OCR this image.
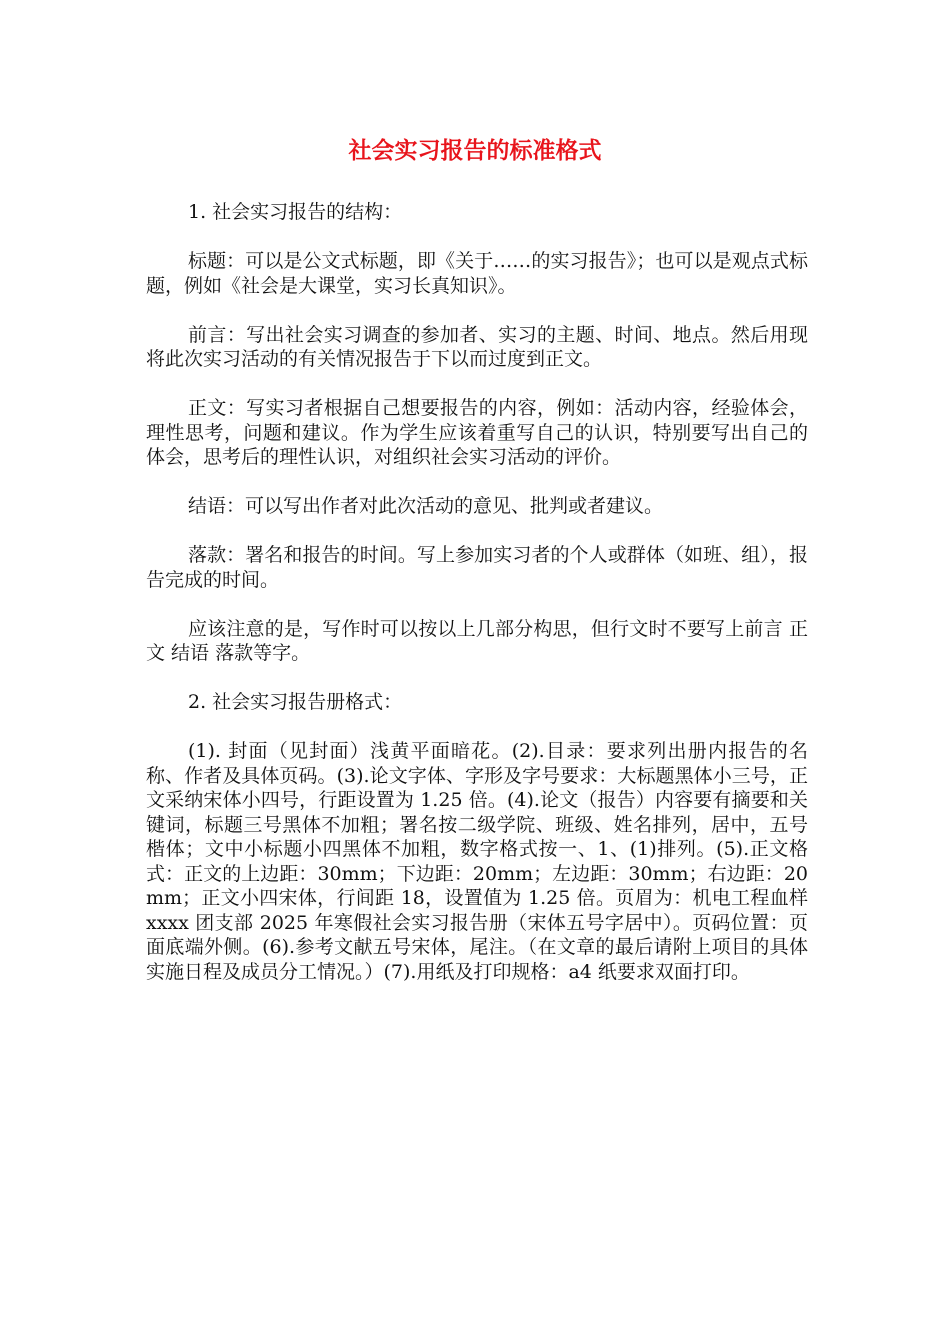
社会实习报告的标准格式

1. 社会实习报告的结构：

标题：可以是公文式标题，即《关于……的实习报告》；也可以是观点式标题，例如《社会是大课堂，实习长真知识》。

前言：写出社会实习调查的参加者、实习的主题、时间、地点。然后用现将此次实习活动的有关情况报告于下以而过度到正文。

正文：写实习者根据自己想要报告的内容，例如：活动内容，经验体会，理性思考，问题和建议。作为学生应该着重写自己的认识，特别要写出自己的体会，思考后的理性认识，对组织社会实习活动的评价。

结语：可以写出作者对此次活动的意见、批判或者建议。

落款：署名和报告的时间。写上参加实习者的个人或群体（如班、组），报告完成的时间。

应该注意的是，写作时可以按以上几部分构思，但行文时不要写上前言 正文 结语 落款等字。

2. 社会实习报告册格式：

(1). 封面（见封面）浅黄平面暗花。(2).目录：要求列出册内报告的名称、作者及具体页码。(3).论文字体、字形及字号要求：大标题黑体小三号，正文采纳宋体小四号，行距设置为 1.25 倍。(4).论文（报告）内容要有摘要和关键词，标题三号黑体不加粗；署名按二级学院、班级、姓名排列，居中，五号楷体；文中小标题小四黑体不加粗，数字格式按一、1、(1)排列。(5).正文格式：正文的上边距：30mm；下边距：20mm；左边距：30mm；右边距：20mm；正文小四宋体，行间距 18，设置值为 1.25 倍。页眉为：机电工程血样 xxxx 团支部 2025 年寒假社会实习报告册（宋体五号字居中）。页码位置：页面底端外侧。(6).参考文献五号宋体，尾注。（在文章的最后请附上项目的具体实施日程及成员分工情况。）(7).用纸及打印规格：a4 纸要求双面打印。
